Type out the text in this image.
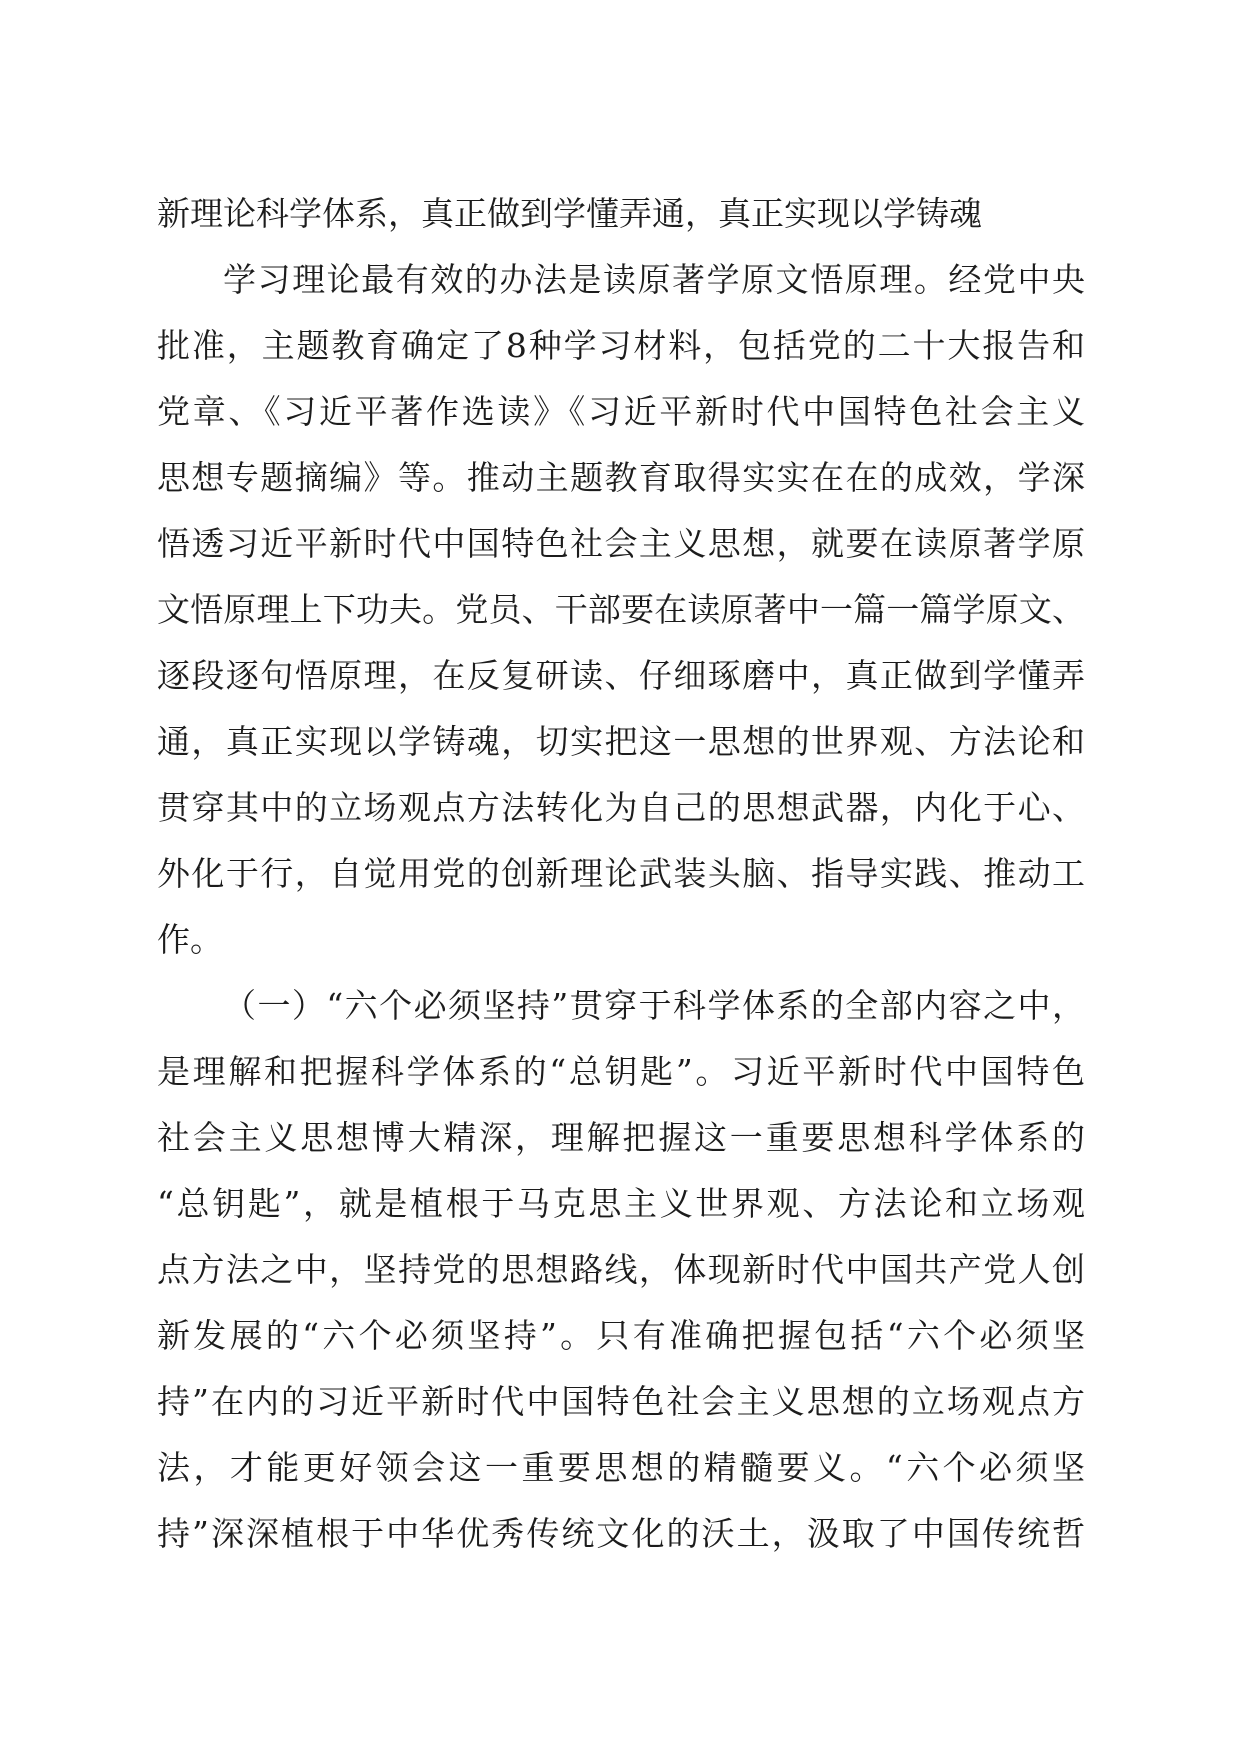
新理论科学体系，真正做到学懂弄通，真正实现以学铸魂
学习理论最有效的办法是读原著学原文悟原理。经党中央
批准，主题教育确定了8种学习材料，包括党的二十大报告和
党章、《习近平著作选读》《习近平新时代中国特色社会主义
思想专题摘编》等。推动主题教育取得实实在在的成效，学深
悟透习近平新时代中国特色社会主义思想，就要在读原著学原
文悟原理上下功夫。党员、干部要在读原著中一篇一篇学原文、
逐段逐句悟原理，在反复研读、仔细琢磨中，真正做到学懂弄
通，真正实现以学铸魂，切实把这一思想的世界观、方法论和
贯穿其中的立场观点方法转化为自己的思想武器，内化于心、
外化于行，自觉用党的创新理论武装头脑、指导实践、推动工
作。
（一）“六个必须坚持”贯穿于科学体系的全部内容之中，
是理解和把握科学体系的“总钥匙”。习近平新时代中国特色
社会主义思想博大精深，理解把握这一重要思想科学体系的
“总钥匙”，就是植根于马克思主义世界观、方法论和立场观
点方法之中，坚持党的思想路线，体现新时代中国共产党人创
新发展的“六个必须坚持”。只有准确把握包括“六个必须坚
持”在内的习近平新时代中国特色社会主义思想的立场观点方
法，才能更好领会这一重要思想的精髓要义。“六个必须坚
持”深深植根于中华优秀传统文化的沃土，汲取了中国传统哲
